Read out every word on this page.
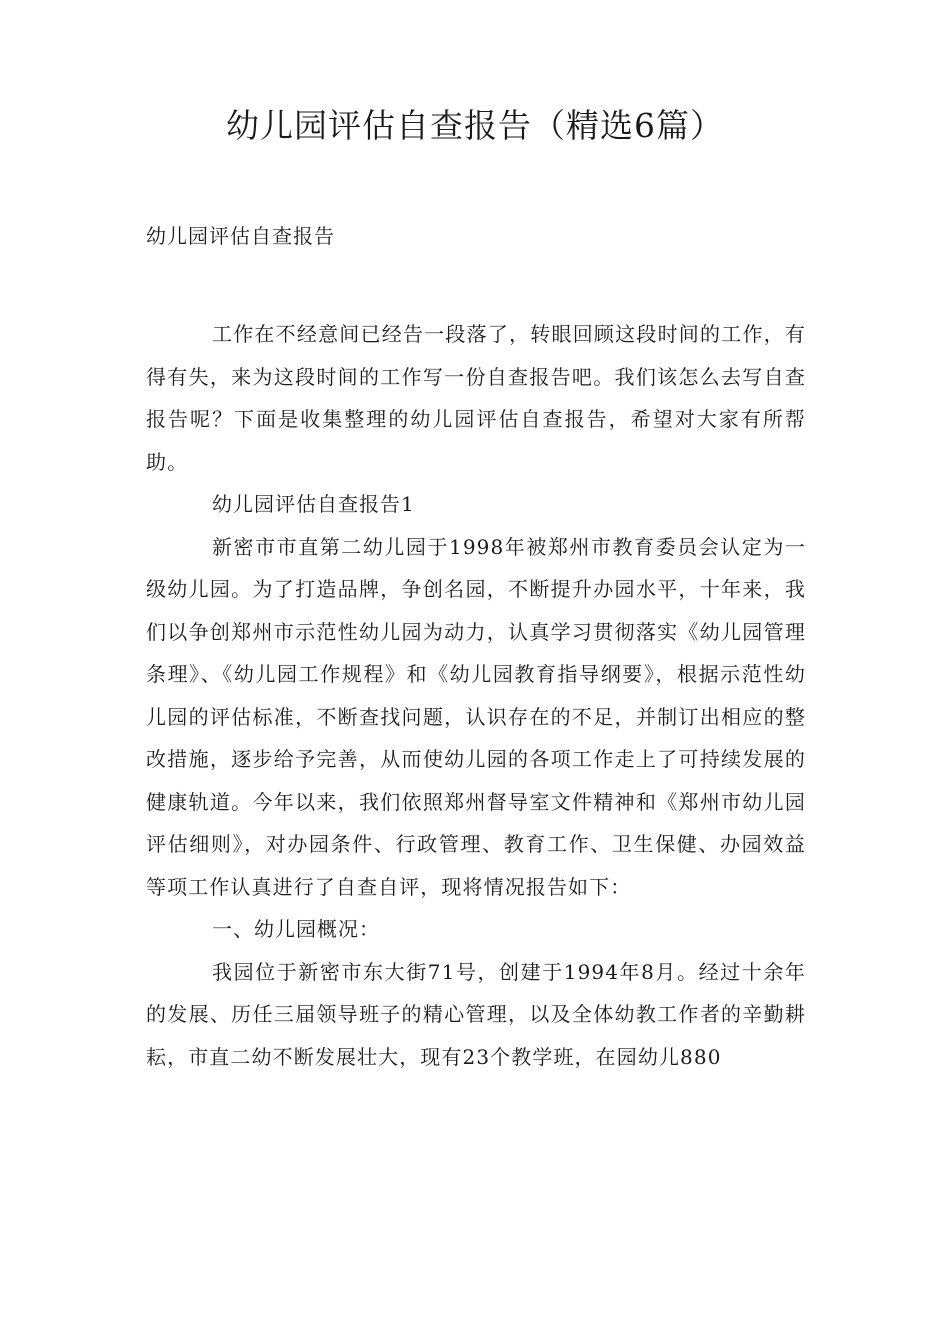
幼儿园评估自查报告（精选6篇）

幼儿园评估自查报告

工作在不经意间已经告一段落了，转眼回顾这段时间的工作，有得有失，来为这段时间的工作写一份自查报告吧。我们该怎么去写自查报告呢？下面是收集整理的幼儿园评估自查报告，希望对大家有所帮助。

幼儿园评估自查报告1

新密市市直第二幼儿园于1998年被郑州市教育委员会认定为一级幼儿园。为了打造品牌，争创名园，不断提升办园水平，十年来，我们以争创郑州市示范性幼儿园为动力，认真学习贯彻落实《幼儿园管理条理》、《幼儿园工作规程》和《幼儿园教育指导纲要》，根据示范性幼儿园的评估标准，不断查找问题，认识存在的不足，并制订出相应的整改措施，逐步给予完善，从而使幼儿园的各项工作走上了可持续发展的健康轨道。今年以来，我们依照郑州督导室文件精神和《郑州市幼儿园评估细则》，对办园条件、行政管理、教育工作、卫生保健、办园效益等项工作认真进行了自查自评，现将情况报告如下：

一、幼儿园概况：

我园位于新密市东大街71号，创建于1994年8月。经过十余年的发展、历任三届领导班子的精心管理，以及全体幼教工作者的辛勤耕耘，市直二幼不断发展壮大，现有23个教学班，在园幼儿880
